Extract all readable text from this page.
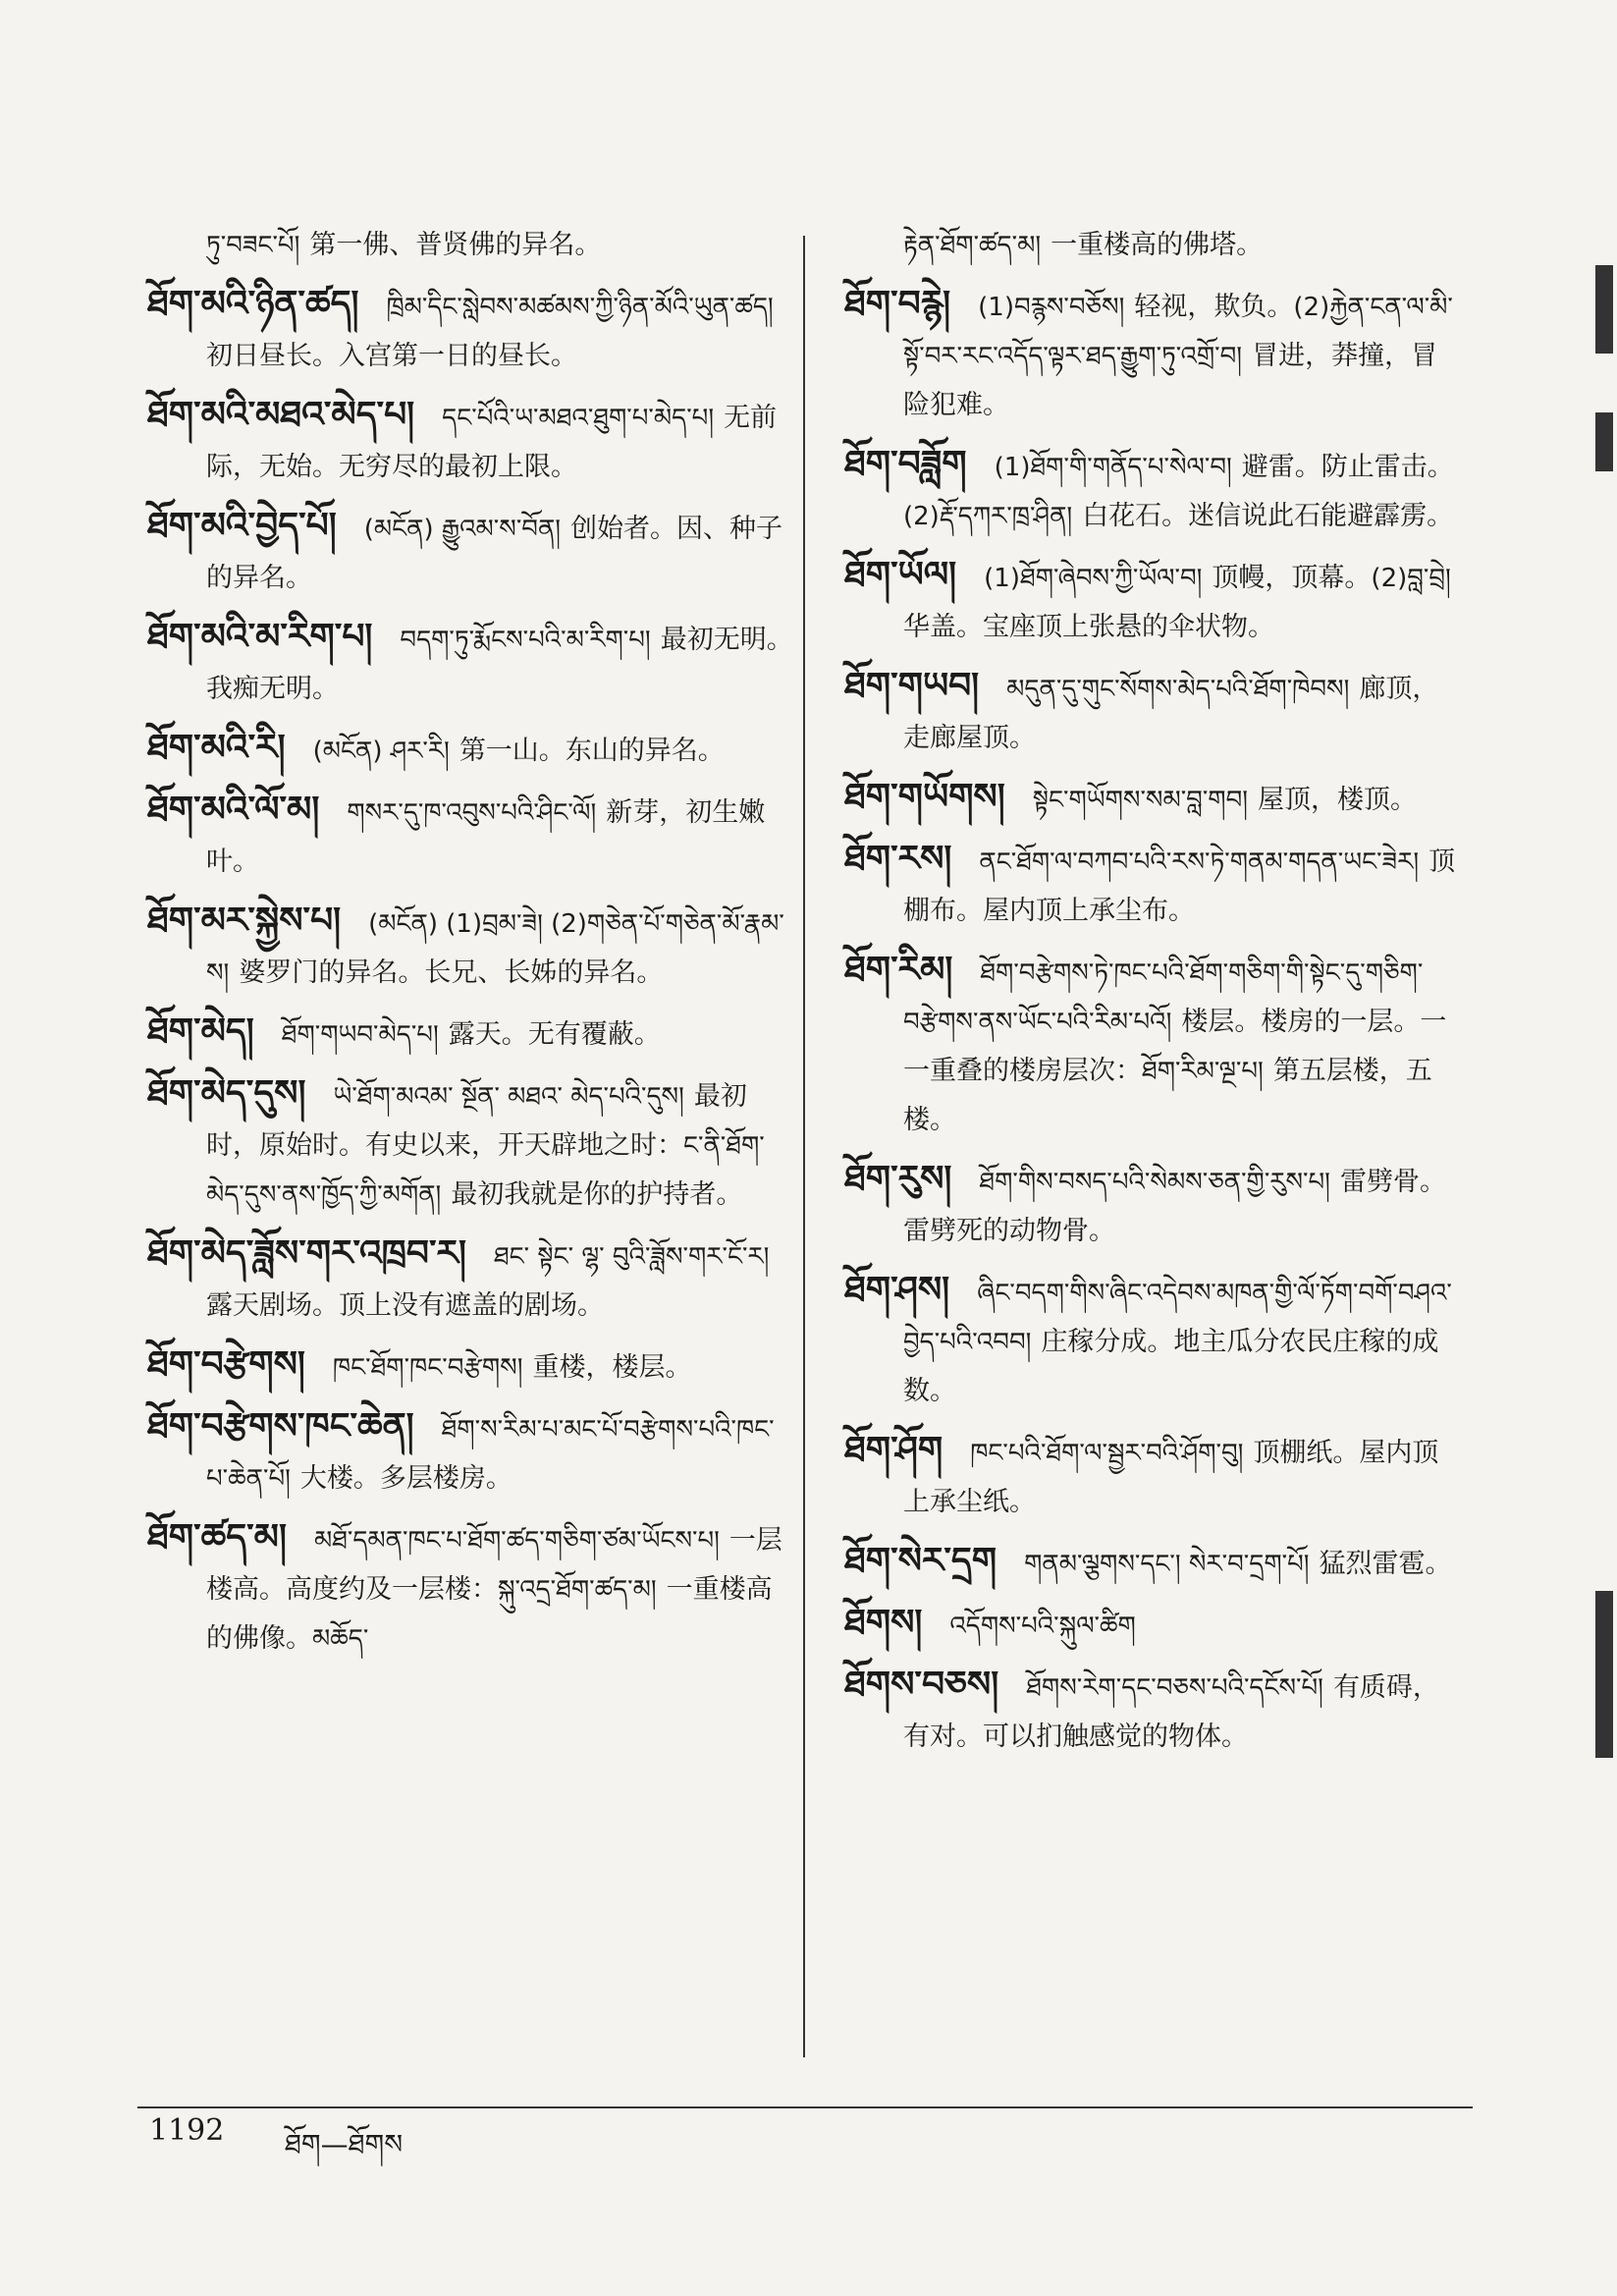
ཏུ་བཟང་པོ། 第一佛、普贤佛的异名。
ཐོག་མའི་ཉིན་ཚད། ཁྲིམ་དིང་སླེབས་མཚམས་ཀྱི་ཉིན་མོའི་ཡུན་ཚད།初日昼长。入宫第一日的昼长。
ཐོག་མའི་མཐའ་མེད་པ། དང་པོའི་ཡ་མཐའ་ཐུག་པ་མེད་པ། 无前际，无始。无穷尽的最初上限。
ཐོག་མའི་བྱེད་པོ། (མངོན) རྒྱུའམ་ས་བོན། 创始者。因、种子的异名。
ཐོག་མའི་མ་རིག་པ། བདག་ཏུ་རྨོངས་པའི་མ་རིག་པ། 最初无明。我痴无明。
ཐོག་མའི་རི། (མངོན) ཤར་རི། 第一山。东山的异名。
ཐོག་མའི་ལོ་མ། གསར་དུ་ཁ་འབུས་པའི་ཤིང་ལོ། 新芽，初生嫩叶。
ཐོག་མར་སྐྱེས་པ། (མངོན) (1)བྲམ་ཟེ། (2)གཅེན་པོ་གཅེན་མོ་རྣམ་ས། 婆罗门的异名。长兄、长姊的异名。
ཐོག་མེད། ཐོག་གཡབ་མེད་པ། 露天。无有覆蔽。
ཐོག་མེད་དུས། ཡེ་ཐོག་མའམ་ སྔོན་ མཐའ་ མེད་པའི་དུས། 最初时，原始时。有史以来，开天辟地之时：ང་ནི་ཐོག་མེད་དུས་ནས་ཁྱོད་ཀྱི་མགོན། 最初我就是你的护持者。
ཐོག་མེད་ཟློས་གར་འཁྲབ་ར། ཐང་ སྟེང་ ལྷ་ བུའི་ཟློས་གར་ངོ་ར།露天剧场。顶上没有遮盖的剧场。
ཐོག་བརྩེགས། ཁང་ཐོག་ཁང་བརྩེགས། 重楼，楼层。
ཐོག་བརྩེགས་ཁང་ཆེན། ཐོག་ས་རིམ་པ་མང་པོ་བརྩེགས་པའི་ཁང་པ་ཆེན་པོ། 大楼。多层楼房。
ཐོག་ཚད་མ། མཐོ་དམན་ཁང་པ་ཐོག་ཚད་གཅིག་ཙམ་ཡོངས་པ། 一层楼高。高度约及一层楼：སྐུ་འདྲ་ཐོག་ཚད་མ། 一重楼高的佛像。མཆོད་
རྟེན་ཐོག་ཚད་མ། 一重楼高的佛塔。
ཐོག་བརྙེ། (1)བརྙས་བཅོས། 轻视，欺负。(2)རྐྱེན་ངན་ལ་མི་སྟོ་བར་རང་འདོད་ལྟར་ཐད་རྒྱུག་ཏུ་འགྲོ་བ། 冒进，莽撞，冒险犯难。
ཐོག་བཟློག (1)ཐོག་གི་གནོད་པ་སེལ་བ། 避雷。防止雷击。(2)རྡོ་དཀར་ཁྲ་ཤིན། 白花石。迷信说此石能避霹雳。
ཐོག་ཡོལ། (1)ཐོག་ཞེབས་ཀྱི་ཡོལ་བ། 顶幔，顶幕。(2)བླ་བྲེ།华盖。宝座顶上张悬的伞状物。
ཐོག་གཡབ། མདུན་དུ་གུང་སོགས་མེད་པའི་ཐོག་ཁེབས། 廊顶，走廊屋顶。
ཐོག་གཡོགས། སྟེང་གཡོགས་སམ་བླ་གབ། 屋顶，楼顶。
ཐོག་རས། ནང་ཐོག་ལ་བཀབ་པའི་རས་ཏེ་གནམ་གདན་ཡང་ཟེར། 顶棚布。屋内顶上承尘布。
ཐོག་རིམ། ཐོག་བརྩེགས་ཏེ་ཁང་པའི་ཐོག་གཅིག་གི་སྟེང་དུ་གཅིག་བརྩེགས་ནས་ཡོང་པའི་རིམ་པའོ། 楼层。楼房的一层。一一重叠的楼房层次：ཐོག་རིམ་ལྔ་པ། 第五层楼，五楼。
ཐོག་རུས། ཐོག་གིས་བསད་པའི་སེམས་ཅན་གྱི་རུས་པ། 雷劈骨。雷劈死的动物骨。
ཐོག་ཤས། ཞིང་བདག་གིས་ཞིང་འདེབས་མཁན་གྱི་ལོ་ཏོག་བགོ་བཤའ་བྱེད་པའི་འབབ། 庄稼分成。地主瓜分农民庄稼的成数。
ཐོག་ཤོག ཁང་པའི་ཐོག་ལ་སྦྱར་བའི་ཤོག་བུ། 顶棚纸。屋内顶上承尘纸。
ཐོག་སེར་དྲག གནམ་ལྕགས་དང་། སེར་བ་དྲག་པོ། 猛烈雷雹。
ཐོགས། འདོགས་པའི་སྐུལ་ཚིག
ཐོགས་བཅས། ཐོགས་རེག་དང་བཅས་པའི་དངོས་པོ། 有质碍，有对。可以扪触感觉的物体。
1192 ཐོག—ཐོགས
